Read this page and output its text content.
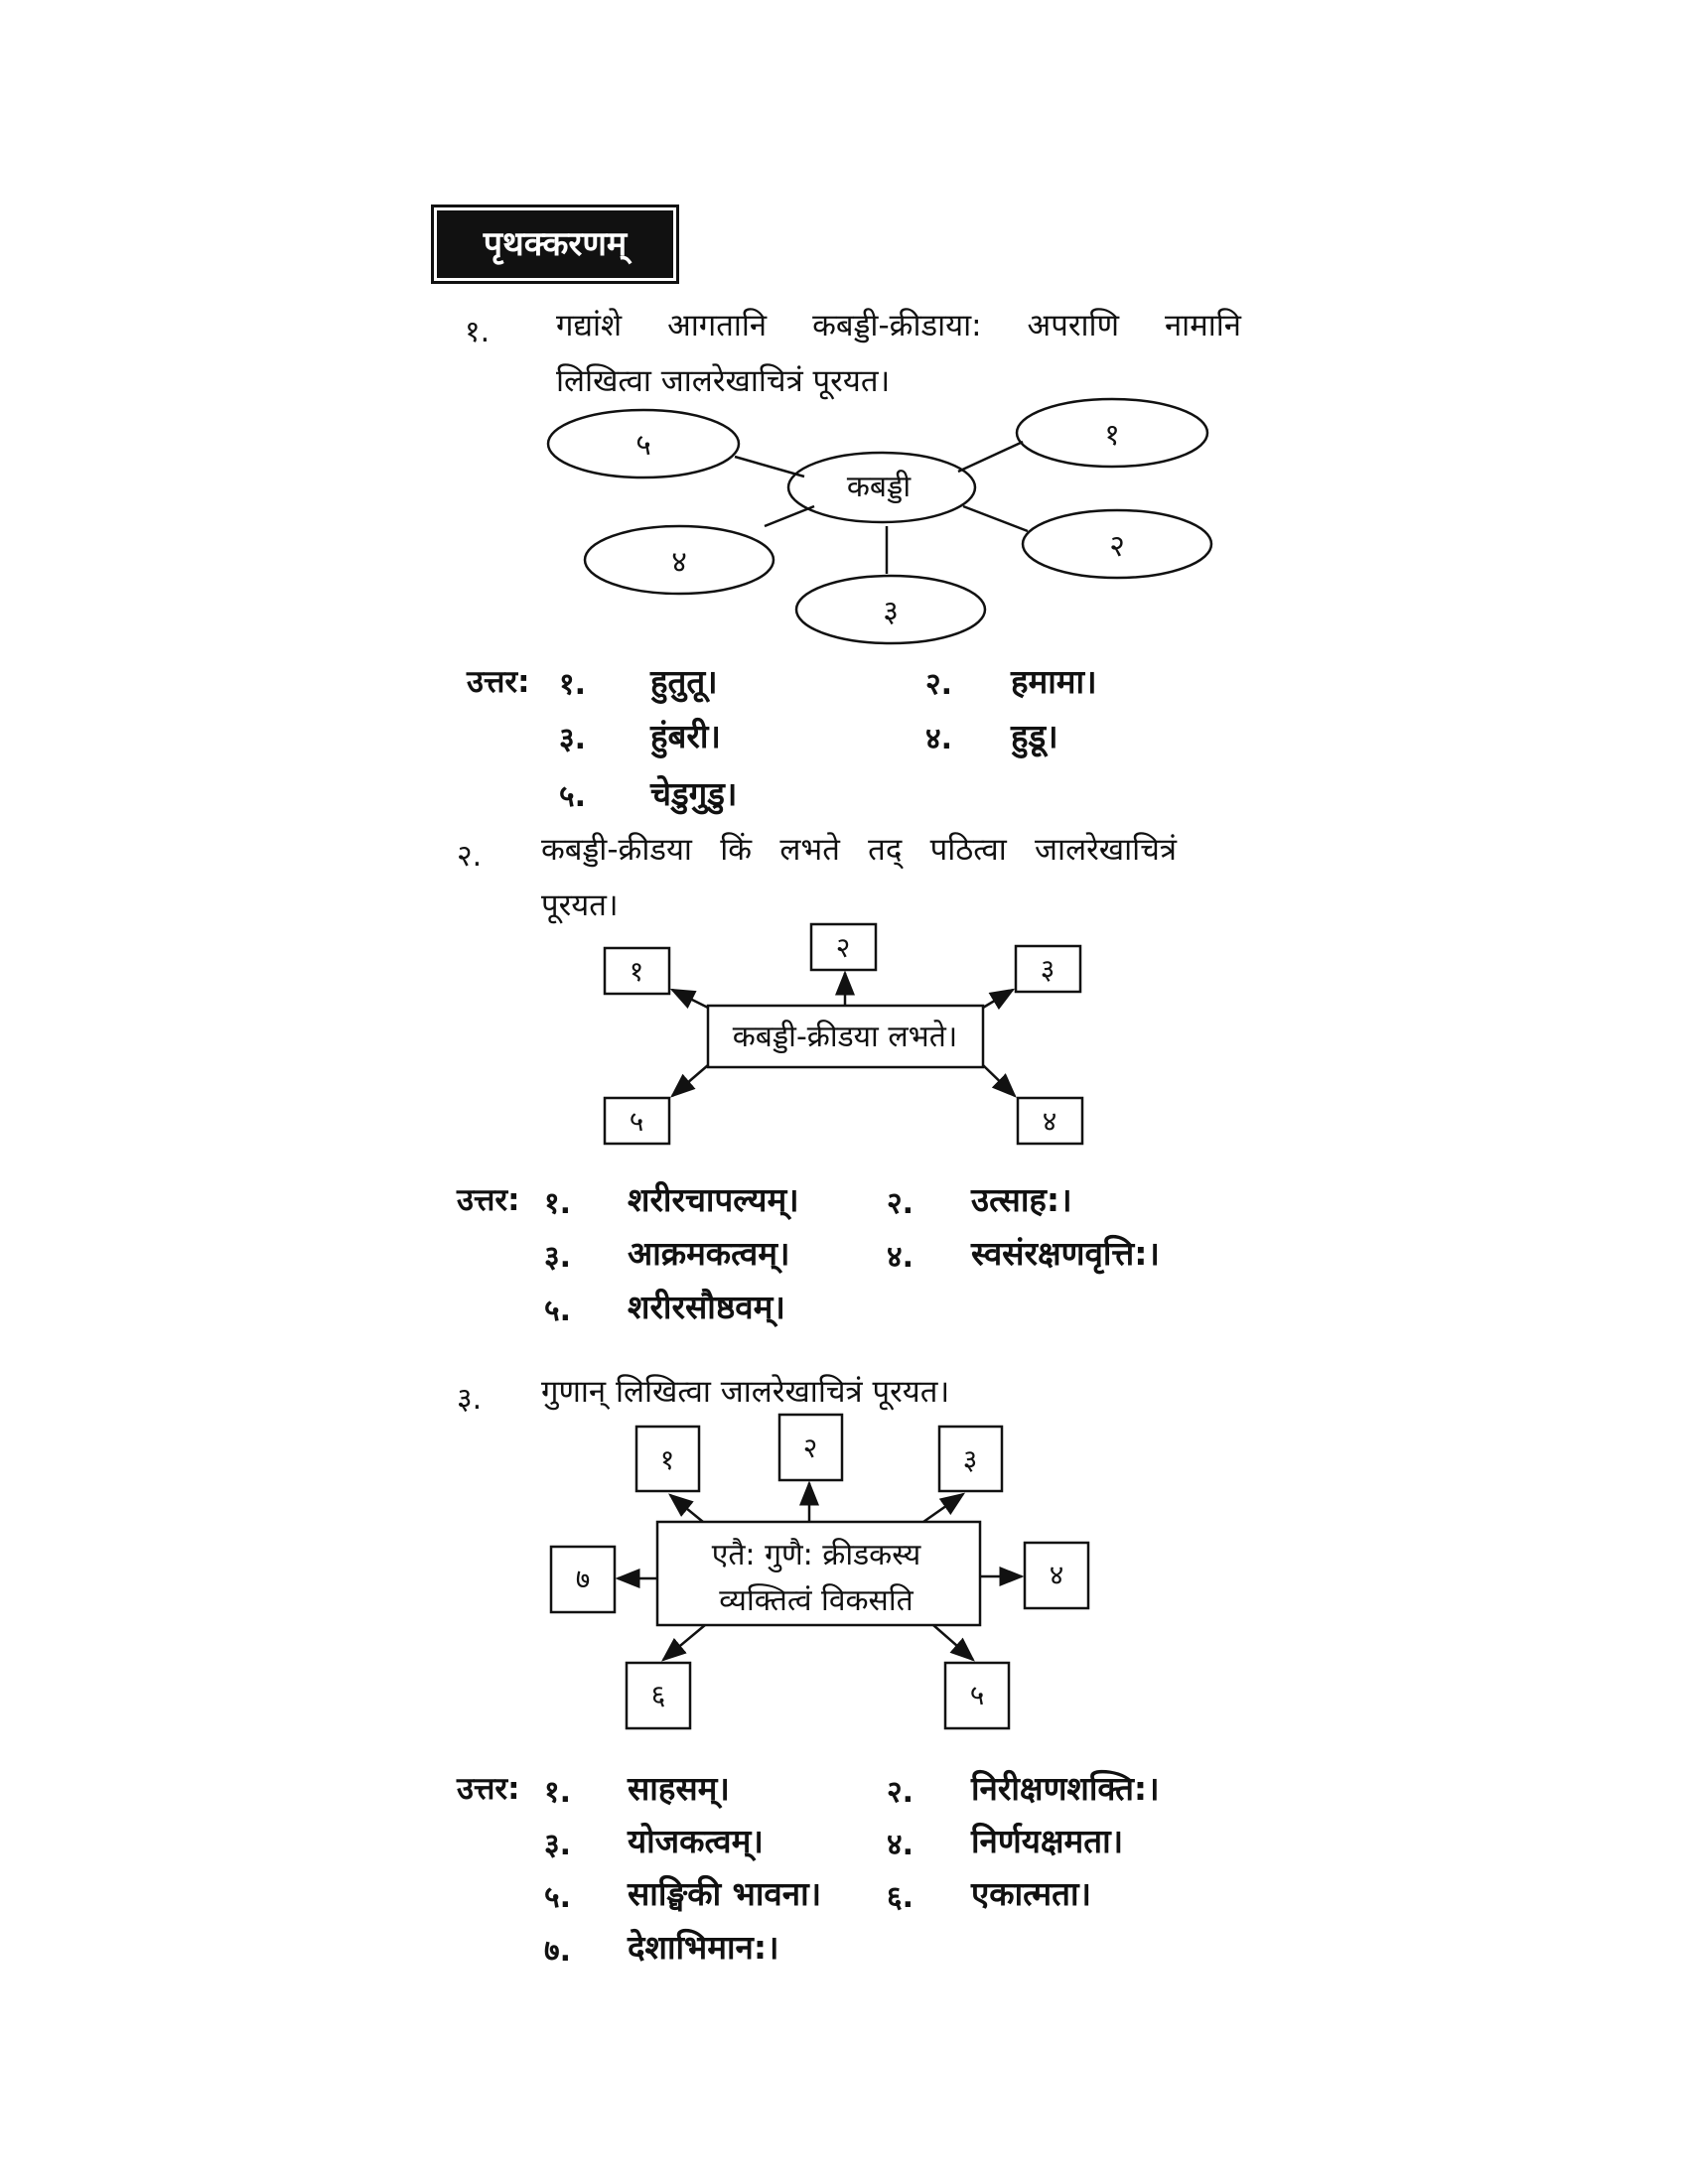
पृथक्करणम्
१. गद्यांशे आगतानि कबड्डी-क्रीडाया: अपराणि नामानि
लिखित्वा जालरेखाचित्रं पूरयत।
कबड्डी
५	१
४	२
३
उत्तर: १. हुतुतू।	२. हमामा।
३. हुंबरी।	४. हुडू।
५. चेडुगुडु।
२. कबड्डी-क्रीडया किं लभते तद् पठित्वा जालरेखाचित्रं
पूरयत।
कबड्डी-क्रीडया लभते।
१
२
३
५	४
उत्तर: १. शरीरचापल्यम्।	२. उत्साह:।
३. आक्रमकत्वम्।	४. स्वसंरक्षणवृत्ति:।
५. शरीरसौष्ठवम्।
३. गुणान् लिखित्वा जालरेखाचित्रं पूरयत।
एतै: गुणै: क्रीडकस्य
व्यक्तित्वं विकसति
१	२	३
७	४
६	५
उत्तर: १. साहसम्।	२. निरीक्षणशक्ति:।
३. योजकत्वम्।	४. निर्णयक्षमता।
५. साङ्घिकी भावना। ६. एकात्मता।
७. देशाभिमान:।
